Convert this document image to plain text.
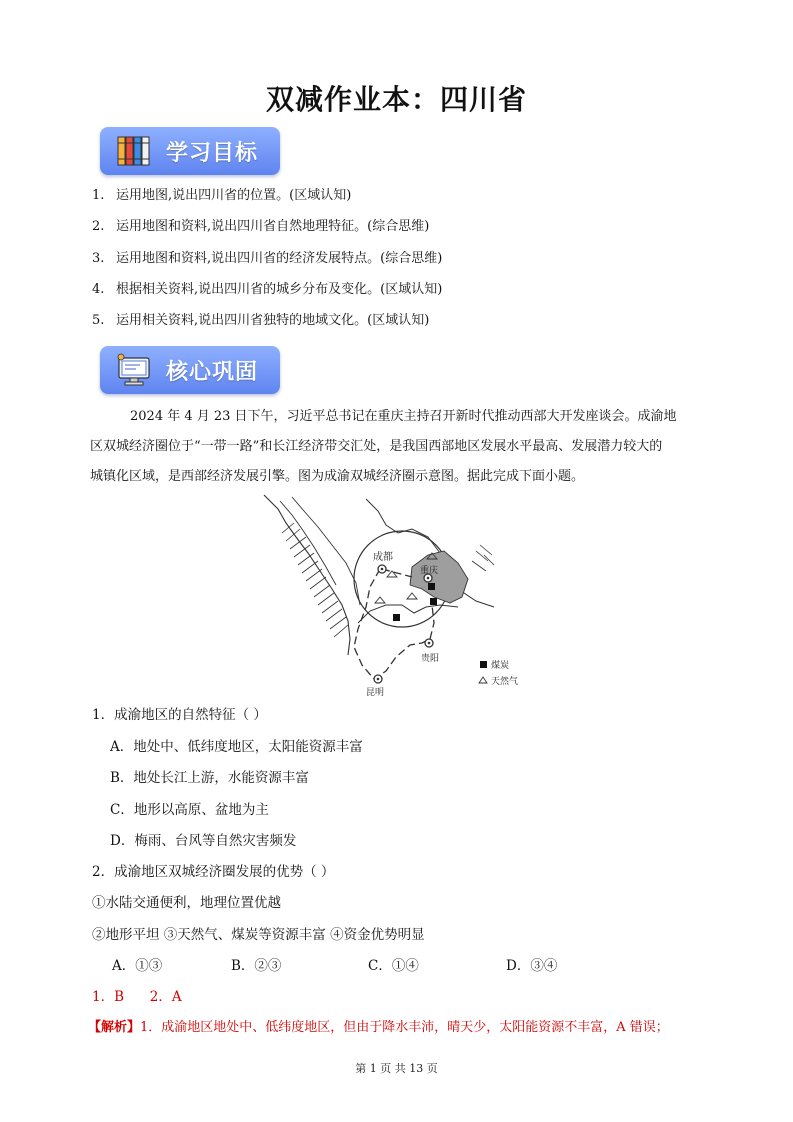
双减作业本：四川省
学习目标
1. 运用地图,说出四川省的位置。(区域认知)
2. 运用地图和资料,说出四川省自然地理特征。(综合思维)
3. 运用地图和资料,说出四川省的经济发展特点。(综合思维)
4. 根据相关资料,说出四川省的城乡分布及变化。(区域认知)
5. 运用相关资料,说出四川省独特的地域文化。(区域认知)
核心巩固
2024 年 4 月 23 日下午，习近平总书记在重庆主持召开新时代推动西部大开发座谈会。成渝地
区双城经济圈位于“一带一路”和长江经济带交汇处，是我国西部地区发展水平最高、发展潜力较大的
城镇化区域，是西部经济发展引擎。图为成渝双城经济圈示意图。据此完成下面小题。
成都
重庆
贵阳
昆明
煤炭
天然气
1．成渝地区的自然特征（ ）
A．地处中、低纬度地区，太阳能资源丰富
B．地处长江上游，水能资源丰富
C．地形以高原、盆地为主
D．梅雨、台风等自然灾害频发
2．成渝地区双城经济圈发展的优势（ ）
①水陆交通便利，地理位置优越
②地形平坦 ③天然气、煤炭等资源丰富 ④资金优势明显
A．①③	B．②③	C．①④	D．③④
1．B      2．A
【解析】1．成渝地区地处中、低纬度地区，但由于降水丰沛，晴天少，太阳能资源不丰富，A 错误；
第 1 页 共 13 页
